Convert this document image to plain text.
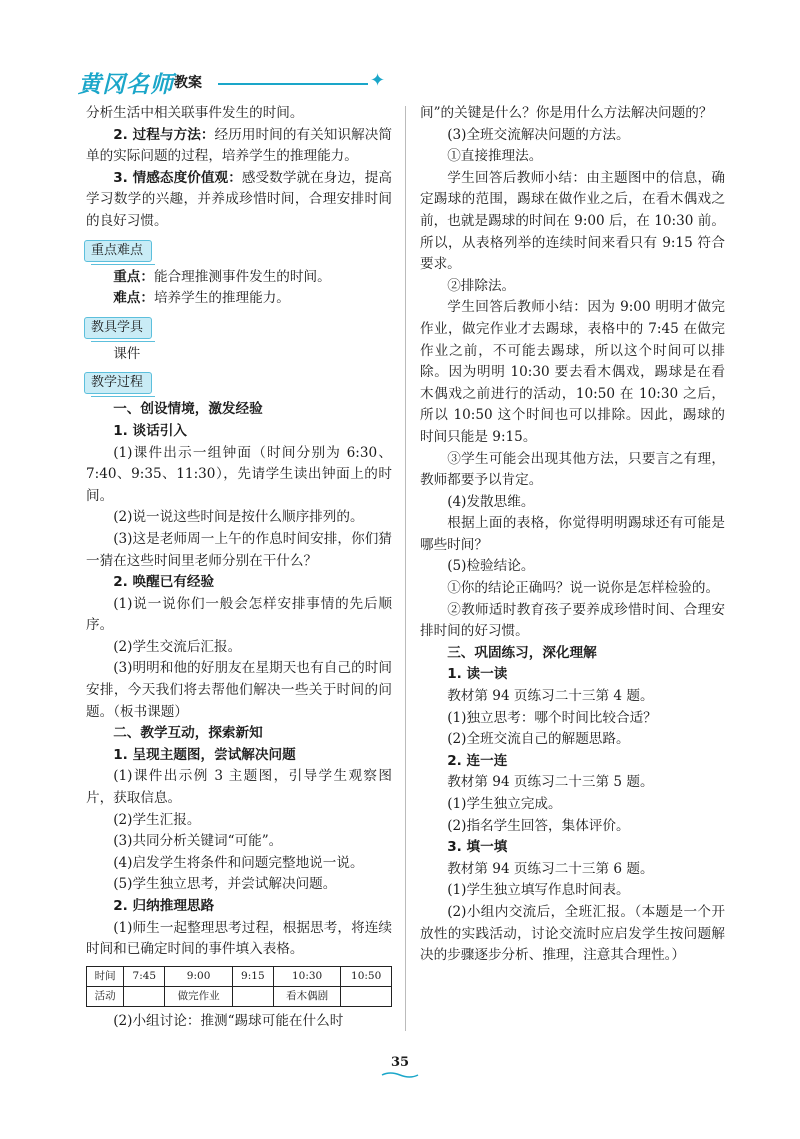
黄冈名师 教案	✦

分析生活中相关联事件发生的时间。

2. 过程与方法：经历用时间的有关知识解决简单的实际问题的过程，培养学生的推理能力。

3. 情感态度价值观：感受数学就在身边，提高学习数学的兴趣，并养成珍惜时间，合理安排时间的良好习惯。

重点难点

重点：能合理推测事件发生的时间。

难点：培养学生的推理能力。

教具学具

课件

教学过程

一、创设情境，激发经验

1. 谈话引入

(1)课件出示一组钟面（时间分别为 6:30、7:40、9:35、11:30），先请学生读出钟面上的时间。

(2)说一说这些时间是按什么顺序排列的。

(3)这是老师周一上午的作息时间安排，你们猜一猜在这些时间里老师分别在干什么？

2. 唤醒已有经验

(1)说一说你们一般会怎样安排事情的先后顺序。

(2)学生交流后汇报。

(3)明明和他的好朋友在星期天也有自己的时间安排，今天我们将去帮他们解决一些关于时间的问题。（板书课题）

二、教学互动，探索新知

1. 呈现主题图，尝试解决问题

(1)课件出示例 3 主题图，引导学生观察图片，获取信息。

(2)学生汇报。

(3)共同分析关键词“可能”。

(4)启发学生将条件和问题完整地说一说。

(5)学生独立思考，并尝试解决问题。

2. 归纳推理思路

(1)师生一起整理思考过程，根据思考，将连续时间和已确定时间的事件填入表格。

时间	7:45	9:00	9:15	10:30	10:50
活动		做完作业		看木偶剧	

(2)小组讨论：推测“踢球可能在什么时

间”的关键是什么？你是用什么方法解决问题的？

(3)全班交流解决问题的方法。

①直接推理法。

学生回答后教师小结：由主题图中的信息，确定踢球的范围，踢球在做作业之后，在看木偶戏之前，也就是踢球的时间在 9:00 后，在 10:30 前。所以，从表格列举的连续时间来看只有 9:15 符合要求。

②排除法。

学生回答后教师小结：因为 9:00 明明才做完作业，做完作业才去踢球，表格中的 7:45 在做完作业之前，不可能去踢球，所以这个时间可以排除。因为明明 10:30 要去看木偶戏，踢球是在看木偶戏之前进行的活动，10:50 在 10:30 之后，所以 10:50 这个时间也可以排除。因此，踢球的时间只能是 9:15。

③学生可能会出现其他方法，只要言之有理，教师都要予以肯定。

(4)发散思维。

根据上面的表格，你觉得明明踢球还有可能是哪些时间？

(5)检验结论。

①你的结论正确吗？说一说你是怎样检验的。

②教师适时教育孩子要养成珍惜时间、合理安排时间的好习惯。

三、巩固练习，深化理解

1. 读一读

教材第 94 页练习二十三第 4 题。

(1)独立思考：哪个时间比较合适？

(2)全班交流自己的解题思路。

2. 连一连

教材第 94 页练习二十三第 5 题。

(1)学生独立完成。

(2)指名学生回答，集体评价。

3. 填一填

教材第 94 页练习二十三第 6 题。

(1)学生独立填写作息时间表。

(2)小组内交流后，全班汇报。（本题是一个开放性的实践活动，讨论交流时应启发学生按问题解决的步骤逐步分析、推理，注意其合理性。）

35
